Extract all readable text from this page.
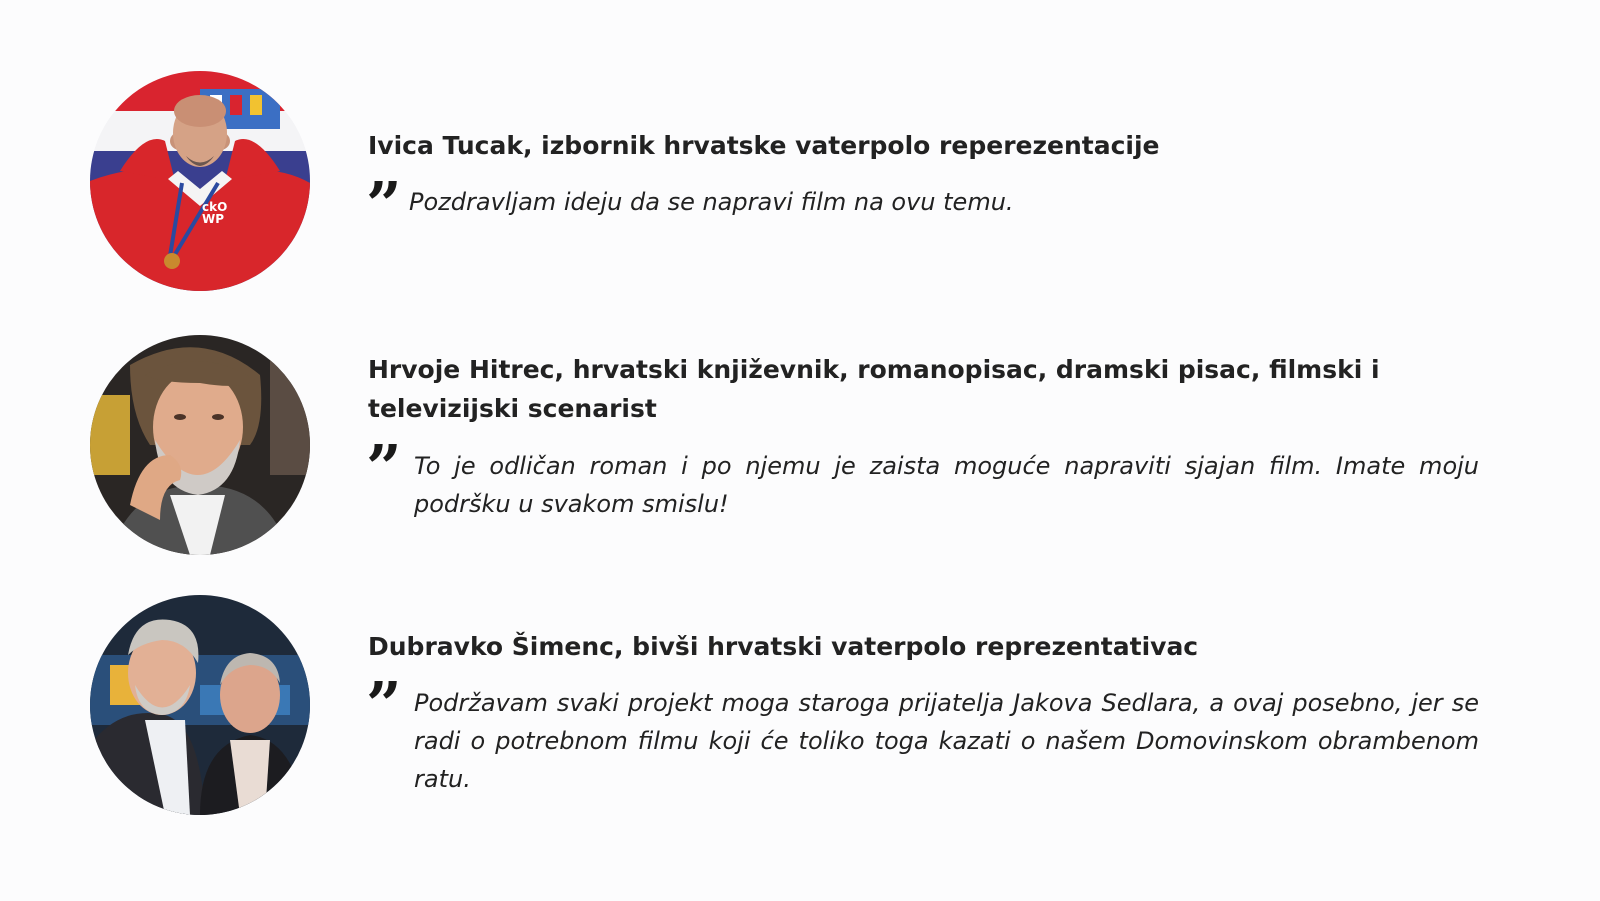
ckO
WP
Ivica Tucak, izbornik hrvatske vaterpolo reperezentacije
” Pozdravljam ideju da se napravi film na ovu temu.

Hrvoje Hitrec, hrvatski književnik, romanopisac, dramski pisac, filmski i televizijski scenarist
” To je odličan roman i po njemu je zaista moguće napraviti sjajan film. Imate moju podršku u svakom smislu!

Dubravko Šimenc, bivši hrvatski vaterpolo reprezentativac
” Podržavam svaki projekt moga staroga prijatelja Jakova Sedlara, a ovaj posebno, jer se radi o potrebnom filmu koji će toliko toga kazati o našem Domovinskom obrambenom ratu.
